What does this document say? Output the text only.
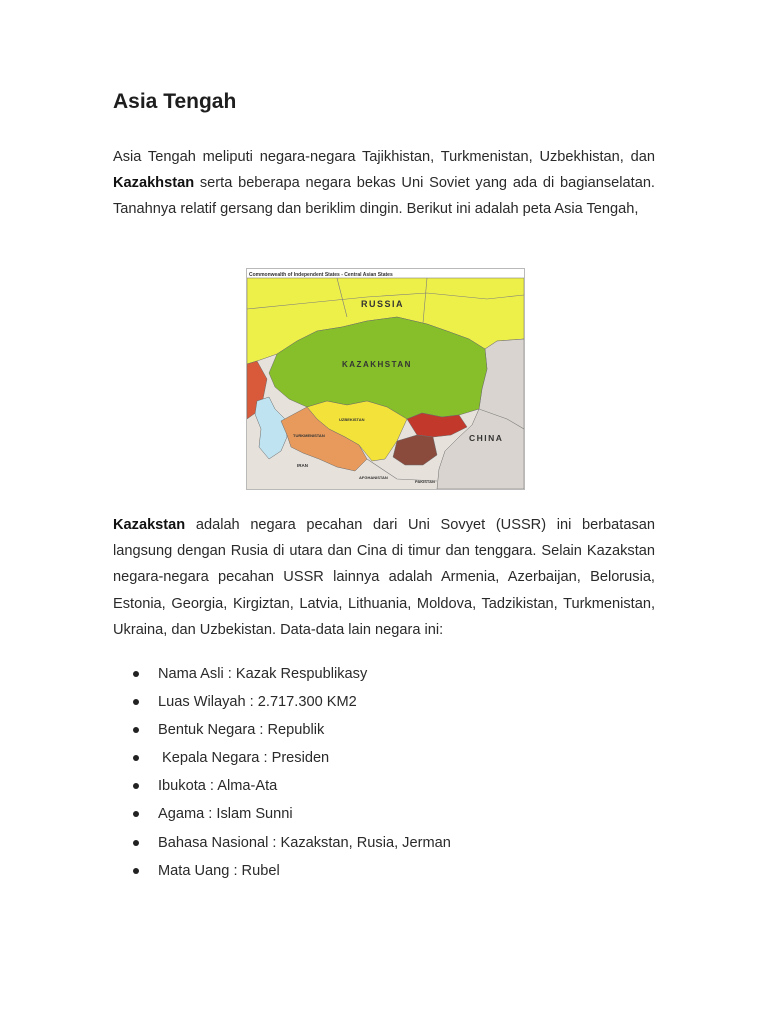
Asia Tengah

Asia Tengah meliputi negara-negara Tajikhistan, Turkmenistan, Uzbekhistan, dan Kazakhstan serta beberapa negara bekas Uni Soviet yang ada di bagianselatan. Tanahnya relatif gersang dan beriklim dingin. Berikut ini adalah peta Asia Tengah,

Commonwealth of Independent States - Central Asian States
RUSSIA
KAZAKHSTAN
CHINA
TURKMENISTAN
UZBEKISTAN
IRAN
AFGHANISTAN
PAKISTAN

Kazakstan adalah negara pecahan dari Uni Sovyet (USSR) ini berbatasan langsung dengan Rusia di utara dan Cina di timur dan tenggara. Selain Kazakstan negara-negara pecahan USSR lainnya adalah Armenia, Azerbaijan, Belorusia, Estonia, Georgia, Kirgiztan, Latvia, Lithuania, Moldova, Tadzikistan, Turkmenistan, Ukraina, dan Uzbekistan. Data-data lain negara ini:

Nama Asli : Kazak Respublikasy
Luas Wilayah : 2.717.300 KM2
Bentuk Negara : Republik
Kepala Negara : Presiden
Ibukota : Alma-Ata
Agama : Islam Sunni
Bahasa Nasional : Kazakstan, Rusia, Jerman
Mata Uang : Rubel
